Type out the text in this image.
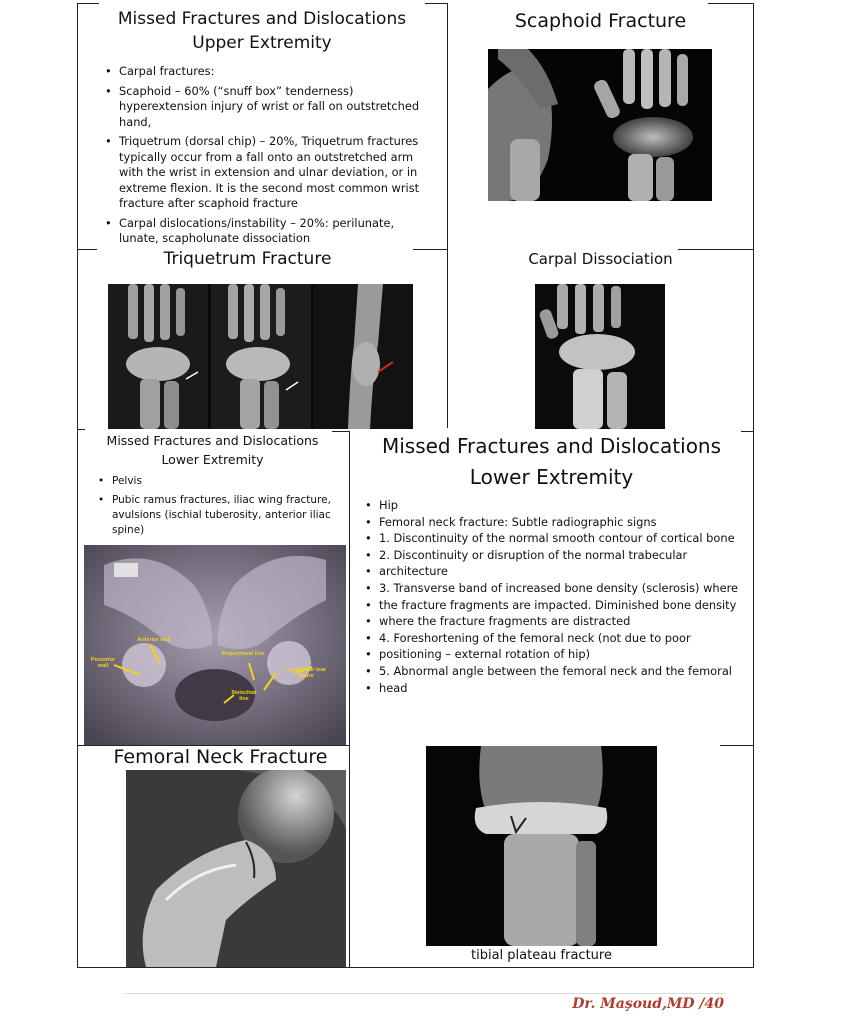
Missed Fractures and Dislocations
Upper Extremity
• Carpal fractures:
• Scaphoid – 60% (“snuff box” tenderness) hyperextension injury of wrist or fall on outstretched hand,
• Triquetrum (dorsal chip) – 20%, Triquetrum fractures typically occur from a fall onto an outstretched arm with the wrist in extension and ulnar deviation, or in extreme flexion. It is the second most common wrist fracture after scaphoid fracture
• Carpal dislocations/instability – 20%: perilunate, lunate, scapholunate dissociation
Scaphoid Fracture
Triquetrum Fracture	Carpal Dissociation
Missed Fractures and Dislocations
Lower Extremity
• Pelvis
• Pubic ramus fractures, iliac wing fracture, avulsions (ischial tuberosity, anterior iliac spine)
Anterior wall
Posterior wall
Iliopectineal line
Acetabular tear figure
Ilioischial line
Missed Fractures and Dislocations
Lower Extremity
• Hip
• Femoral neck fracture: Subtle radiographic signs
• 1. Discontinuity of the normal smooth contour of cortical bone
• 2. Discontinuity or disruption of the normal trabecular
• architecture
• 3. Transverse band of increased bone density (sclerosis) where
• the fracture fragments are impacted. Diminished bone density
• where the fracture fragments are distracted
• 4. Foreshortening of the femoral neck (not due to poor
• positioning – external rotation of hip)
• 5. Abnormal angle between the femoral neck and the femoral
• head
Femoral Neck Fracture
tibial plateau fracture
Dr. Maşoud,MD /40
